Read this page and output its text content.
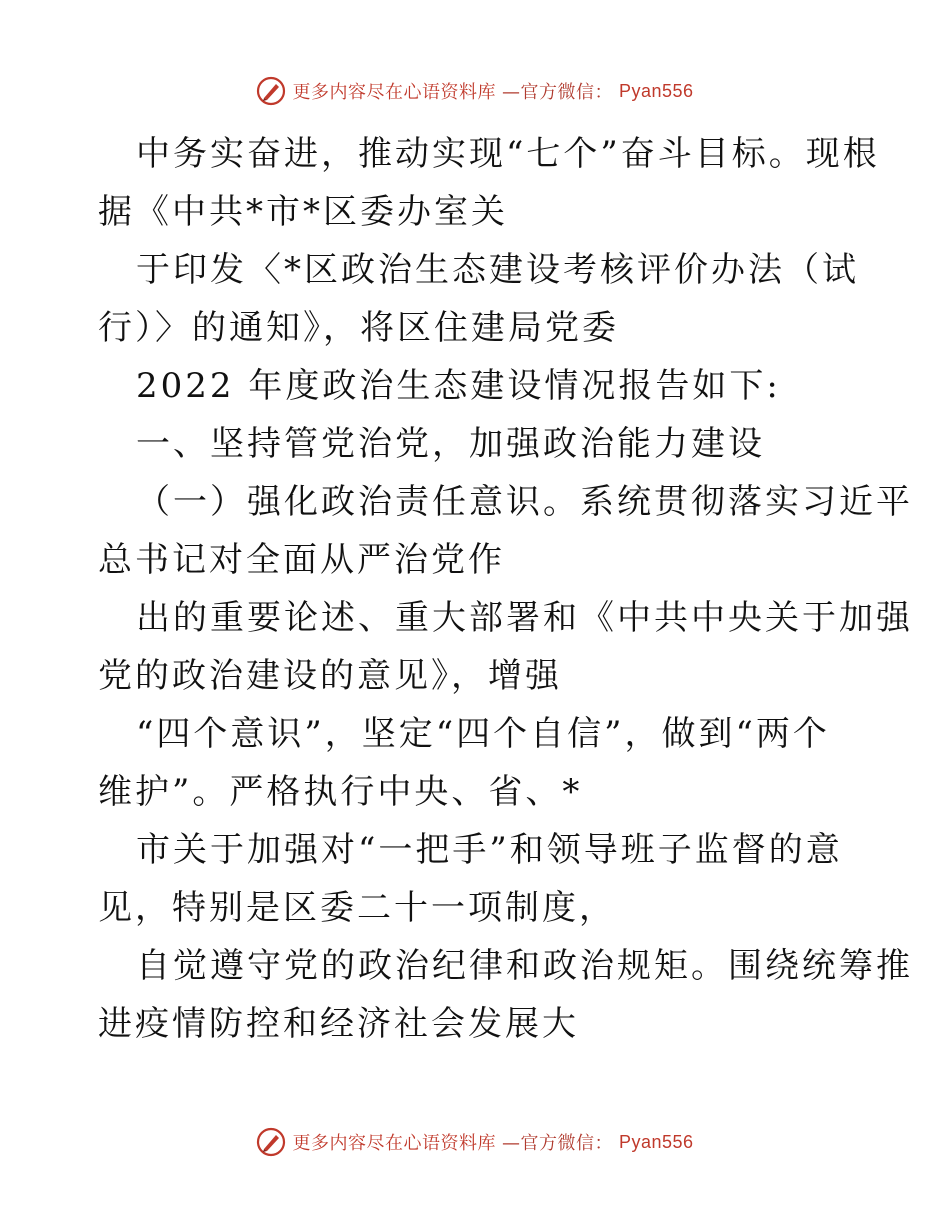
更多内容尽在心语资料库 —官方微信： Pyan556
中务实奋进，推动实现“七个”奋斗目标。现根
据《中共*市*区委办室关
于印发〈*区政治生态建设考核评价办法（试
行）〉的通知》，将区住建局党委
2022 年度政治生态建设情况报告如下:
一、坚持管党治党，加强政治能力建设
（一）强化政治责任意识。系统贯彻落实习近平
总书记对全面从严治党作
出的重要论述、重大部署和《中共中央关于加强
党的政治建设的意见》，增强
“四个意识”，坚定“四个自信”，做到“两个
维护”。严格执行中央、省、*
市关于加强对“一把手”和领导班子监督的意
见，特别是区委二十一项制度，
自觉遵守党的政治纪律和政治规矩。围绕统筹推
进疫情防控和经济社会发展大
更多内容尽在心语资料库 —官方微信： Pyan556
